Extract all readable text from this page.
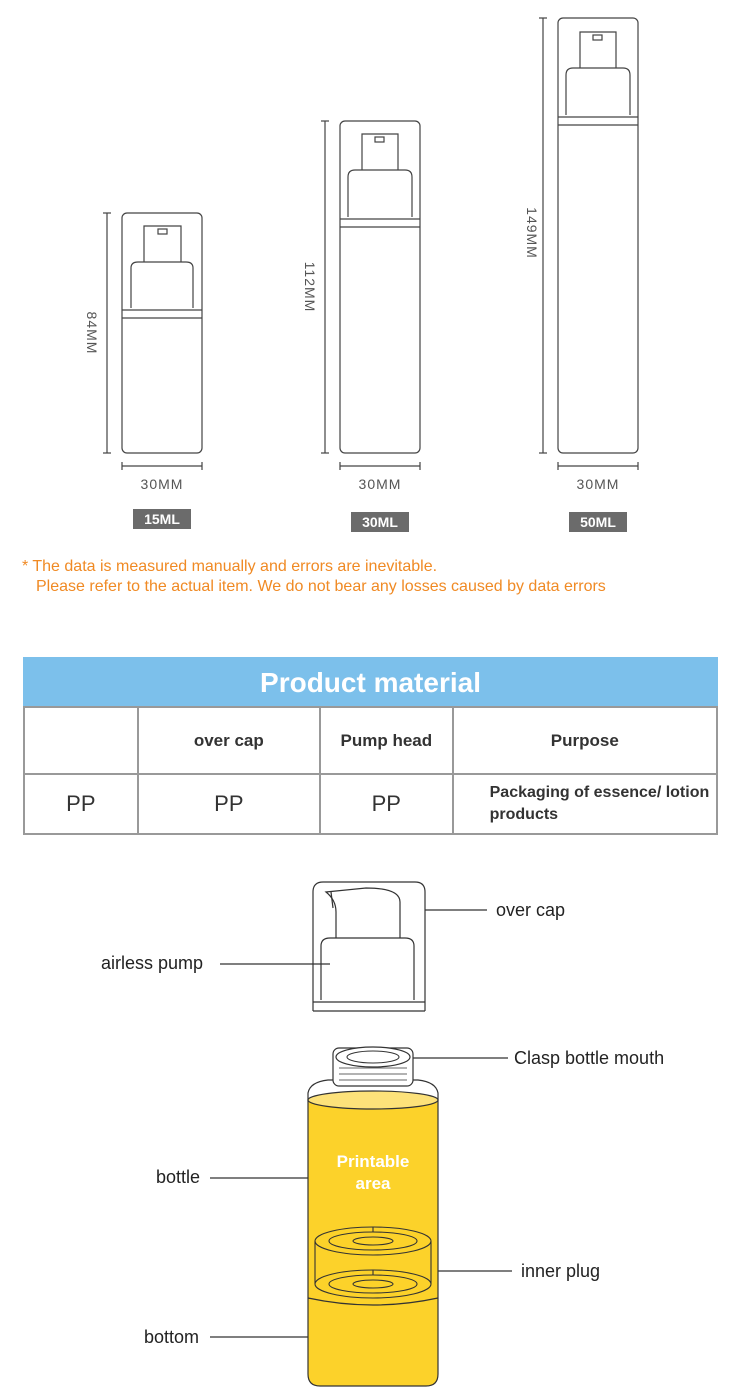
84MM
112MM
149MM
30MM	30MM	30MM
15ML	30ML	50ML
* The data is measured manually and errors are inevitable.
Please refer to the actual item. We do not bear any losses caused by data errors
Product material
	over cap	Pump head	Purpose
PP	PP	PP	Packaging of essence/ lotion products
Printable area
over cap
airless pump
Clasp bottle mouth
bottle
inner plug
bottom
